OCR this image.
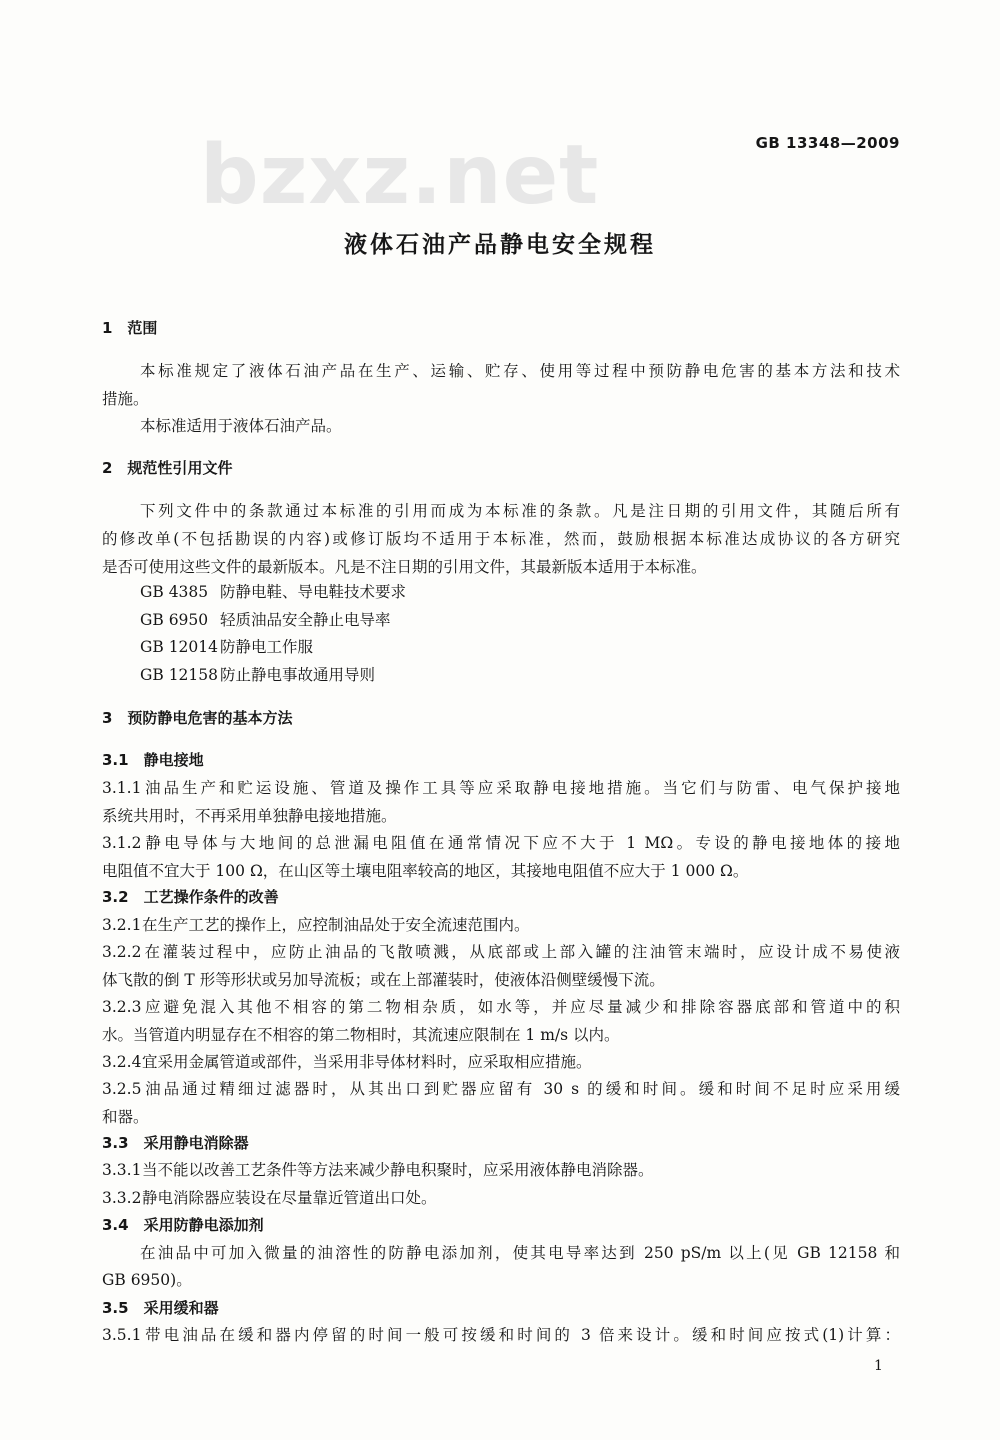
bzxz.net	GB 13348—2009
液体石油产品静电安全规程
1　范围
本标准规定了液体石油产品在生产、运输、贮存、使用等过程中预防静电危害的基本方法和技术
措施。
本标准适用于液体石油产品。
2　规范性引用文件
下列文件中的条款通过本标准的引用而成为本标准的条款。凡是注日期的引用文件，其随后所有
的修改单(不包括勘误的内容)或修订版均不适用于本标准，然而，鼓励根据本标准达成协议的各方研究
是否可使用这些文件的最新版本。凡是不注日期的引用文件，其最新版本适用于本标准。
GB 4385 防静电鞋、导电鞋技术要求
GB 6950 轻质油品安全静止电导率
GB 12014 防静电工作服
GB 12158 防止静电事故通用导则
3　预防静电危害的基本方法
3.1　静电接地
3.1.1油品生产和贮运设施、管道及操作工具等应采取静电接地措施。当它们与防雷、电气保护接地
系统共用时，不再采用单独静电接地措施。
3.1.2静电导体与大地间的总泄漏电阻值在通常情况下应不大于 1 MΩ。专设的静电接地体的接地
电阻值不宜大于 100 Ω，在山区等土壤电阻率较高的地区，其接地电阻值不应大于 1 000 Ω。
3.2　工艺操作条件的改善
3.2.1在生产工艺的操作上，应控制油品处于安全流速范围内。
3.2.2在灌装过程中，应防止油品的飞散喷溅，从底部或上部入罐的注油管末端时，应设计成不易使液
体飞散的倒 T 形等形状或另加导流板；或在上部灌装时，使液体沿侧壁缓慢下流。
3.2.3应避免混入其他不相容的第二物相杂质，如水等，并应尽量减少和排除容器底部和管道中的积
水。当管道内明显存在不相容的第二物相时，其流速应限制在 1 m/s 以内。
3.2.4宜采用金属管道或部件，当采用非导体材料时，应采取相应措施。
3.2.5油品通过精细过滤器时，从其出口到贮器应留有 30 s 的缓和时间。缓和时间不足时应采用缓
和器。
3.3　采用静电消除器
3.3.1当不能以改善工艺条件等方法来减少静电积聚时，应采用液体静电消除器。
3.3.2静电消除器应装设在尽量靠近管道出口处。
3.4　采用防静电添加剂
在油品中可加入微量的油溶性的防静电添加剂，使其电导率达到 250 pS/m 以上(见 GB 12158 和
GB 6950)。
3.5　采用缓和器
3.5.1带电油品在缓和器内停留的时间一般可按缓和时间的 3 倍来设计。缓和时间应按式(1)计算：
1
